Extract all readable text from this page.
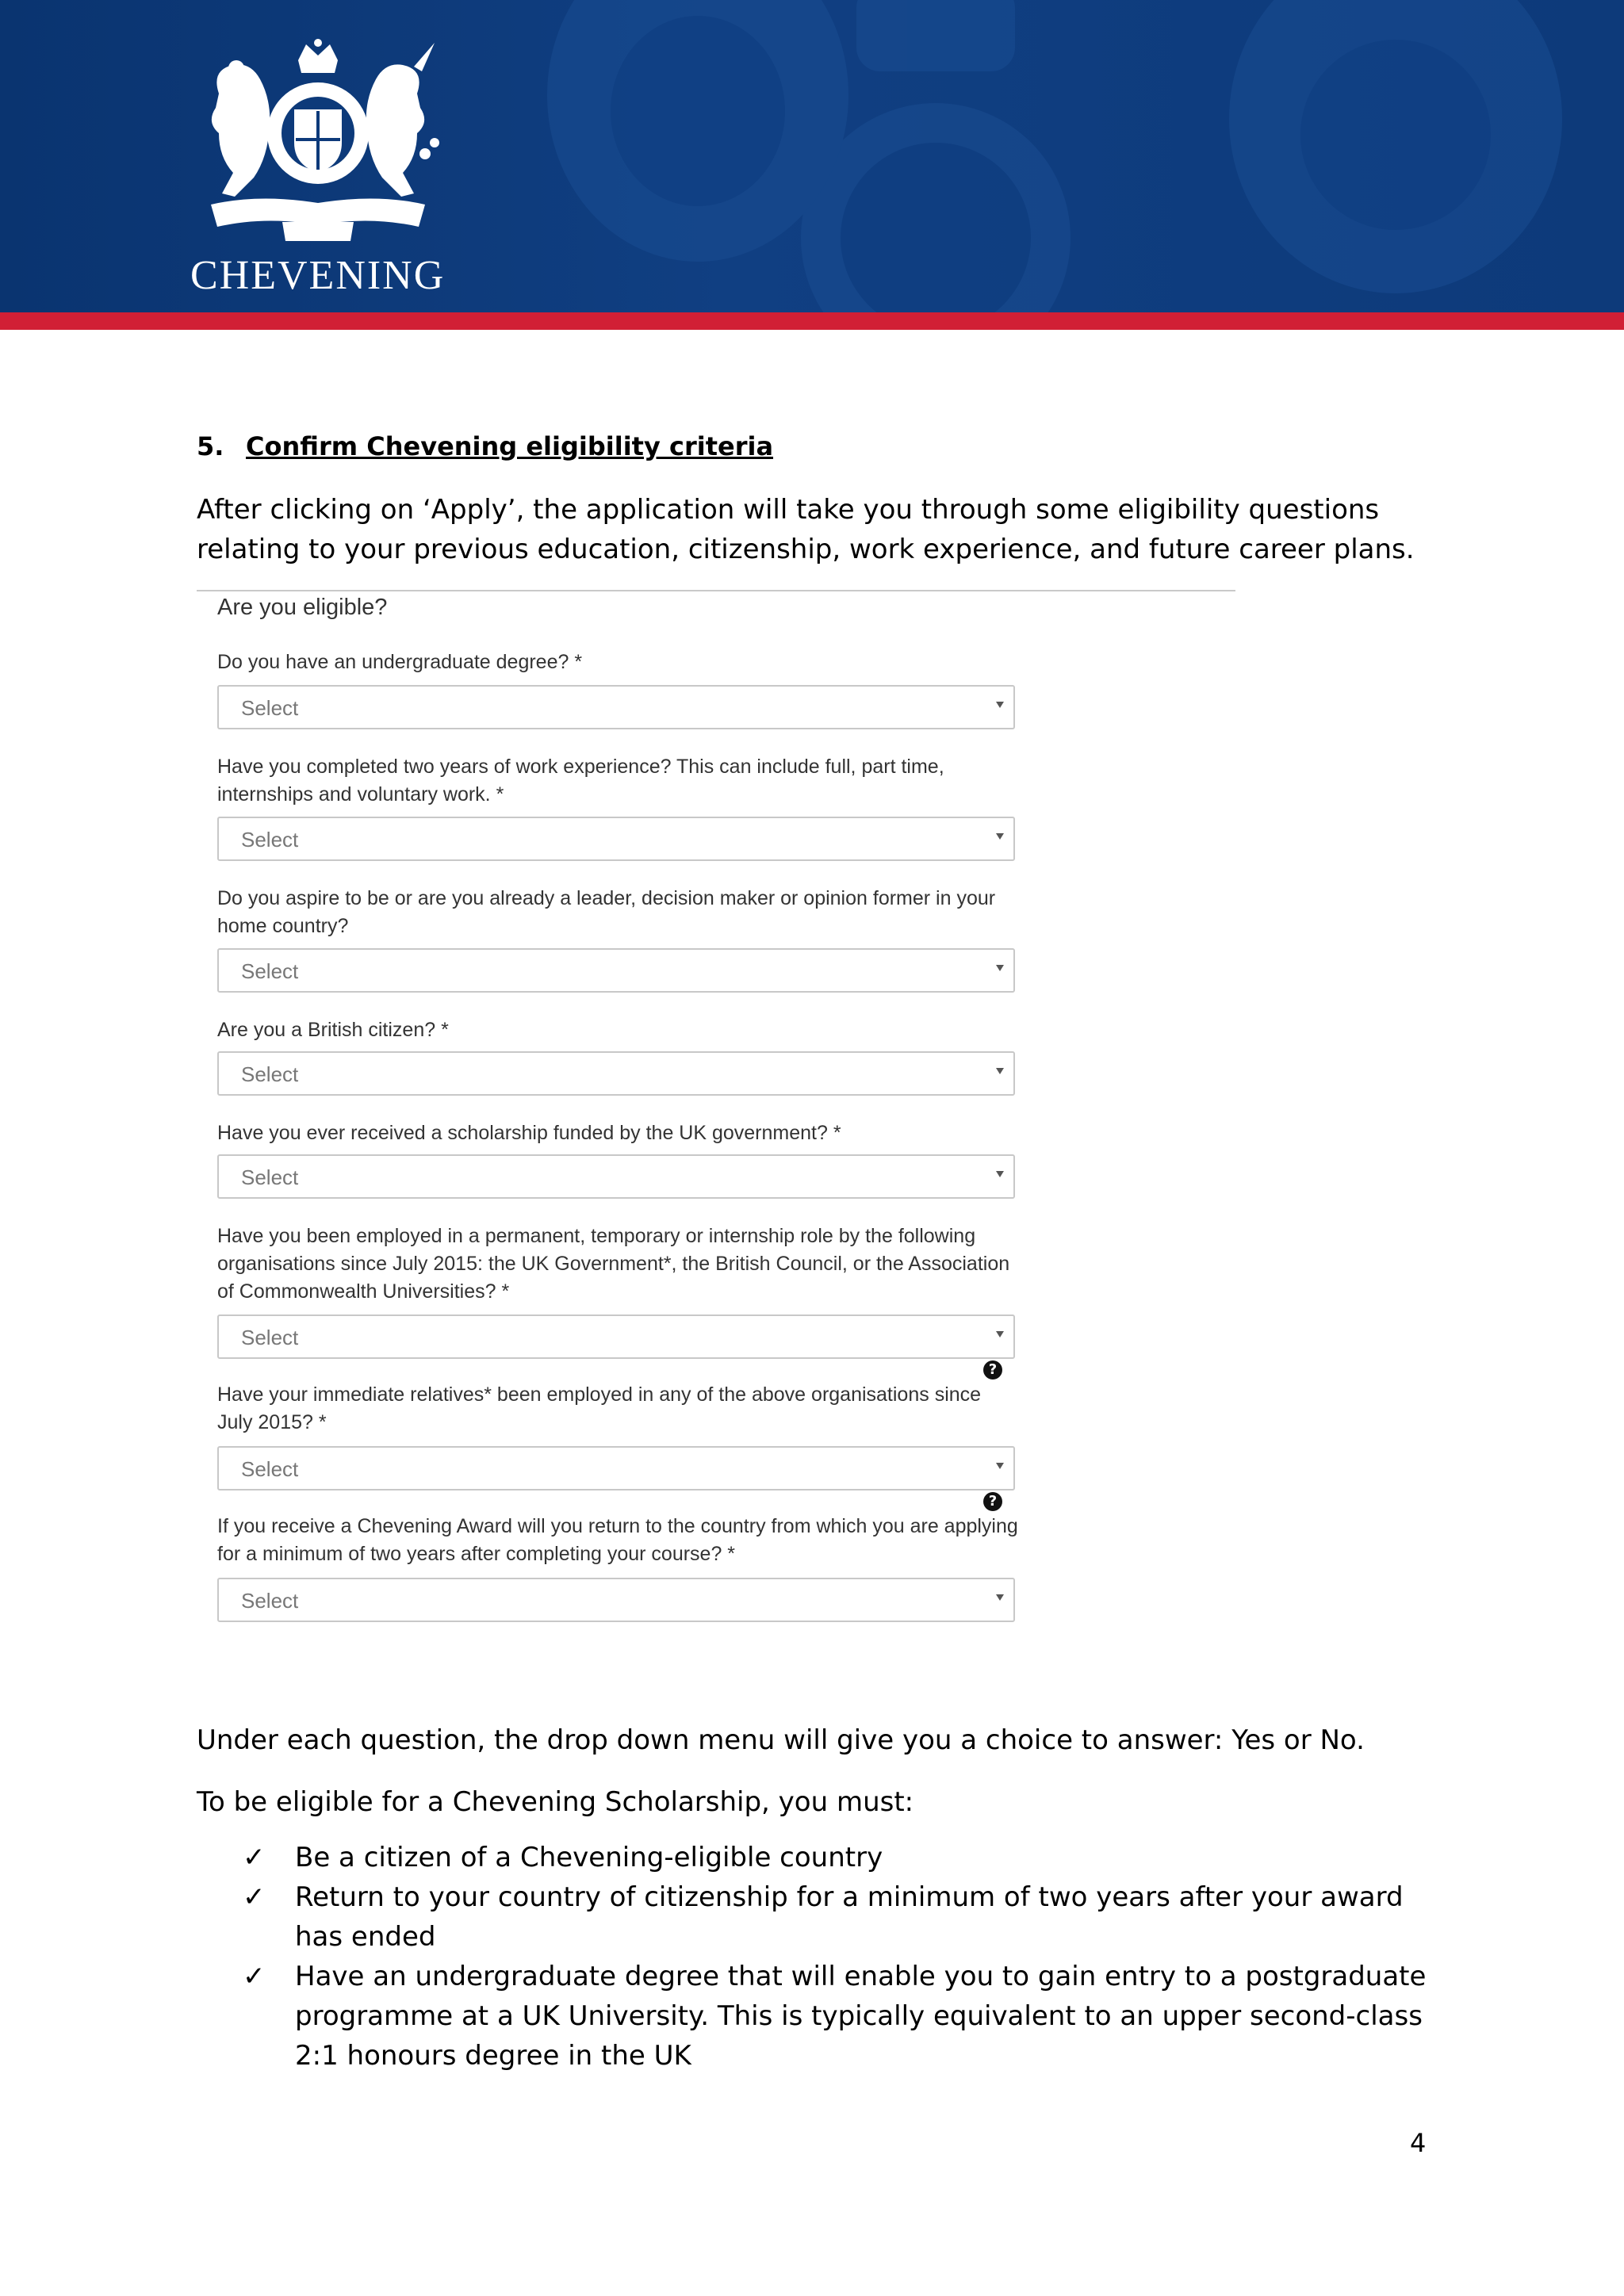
CHEVENING
5. Confirm Chevening eligibility criteria
After clicking on ‘Apply’, the application will take you through some eligibility questions relating to your previous education, citizenship, work experience, and future career plans.
Are you eligible?
Do you have an undergraduate degree? *
Select
Have you completed two years of work experience? This can include full, part time, internships and voluntary work. *
Select
Do you aspire to be or are you already a leader, decision maker or opinion former in your home country?
Select
Are you a British citizen? *
Select
Have you ever received a scholarship funded by the UK government? *
Select
Have you been employed in a permanent, temporary or internship role by the following organisations since July 2015: the UK Government*, the British Council, or the Association of Commonwealth Universities? *
Select
?
Have your immediate relatives* been employed in any of the above organisations since July 2015? *
Select
?
If you receive a Chevening Award will you return to the country from which you are applying for a minimum of two years after completing your course? *
Select
Under each question, the drop down menu will give you a choice to answer: Yes or No.
To be eligible for a Chevening Scholarship, you must:
✓ Be a citizen of a Chevening-eligible country
✓ Return to your country of citizenship for a minimum of two years after your award has ended
✓ Have an undergraduate degree that will enable you to gain entry to a postgraduate programme at a UK University. This is typically equivalent to an upper second-class 2:1 honours degree in the UK
4
